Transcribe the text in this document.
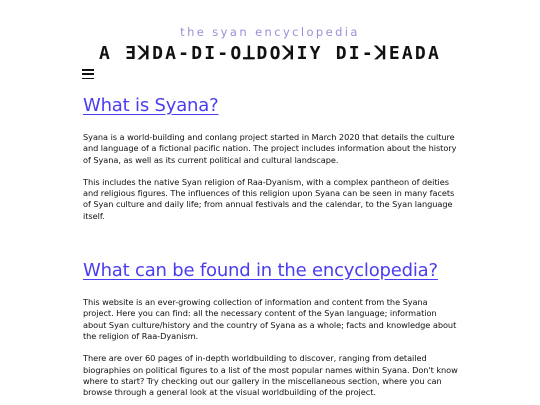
the syan encyclopedia
A ƎꓘDA-DI-OꓕDOꓘIY DI-ꓘEADA
What is Syana?

Syana is a world-building and conlang project started in March 2020 that details the culture and language of a fictional pacific nation. The project includes information about the history of Syana, as well as its current political and cultural landscape.

This includes the native Syan religion of Raa-Dyanism, with a complex pantheon of deities and religious figures. The influences of this religion upon Syana can be seen in many facets of Syan culture and daily life; from annual festivals and the calendar, to the Syan language itself.

What can be found in the encyclopedia?

This website is an ever-growing collection of information and content from the Syana project. Here you can find: all the necessary content of the Syan language; information about Syan culture/history and the country of Syana as a whole; facts and knowledge about the religion of Raa-Dyanism.

There are over 60 pages of in-depth worldbuilding to discover, ranging from detailed biographies on political figures to a list of the most popular names within Syana. Don't know where to start? Try checking out our gallery in the miscellaneous section, where you can browse through a general look at the visual worldbuilding of the project.
